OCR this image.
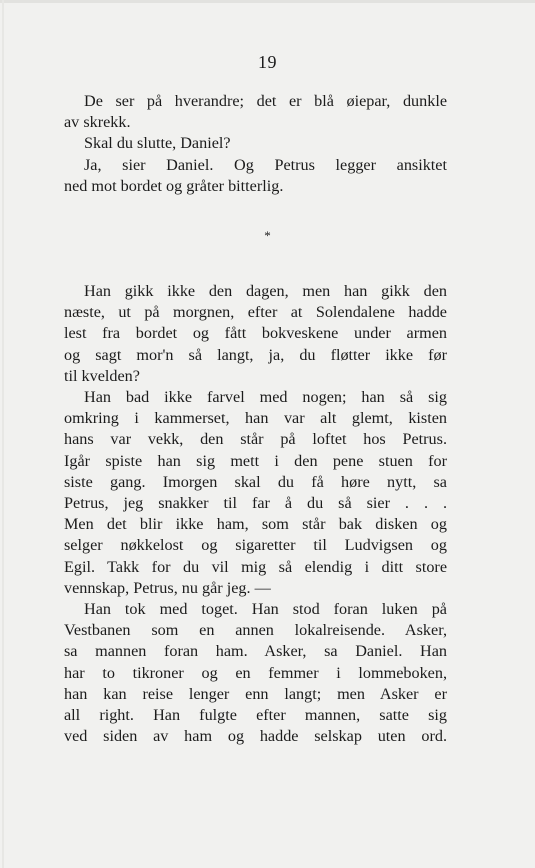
19
De ser på hverandre; det er blå øiepar, dunkle
av skrekk.
Skal du slutte, Daniel?
Ja, sier Daniel. Og Petrus legger ansiktet
ned mot bordet og gråter bitterlig.
*
Han gikk ikke den dagen, men han gikk den
næste, ut på morgnen, efter at Solendalene hadde
lest fra bordet og fått bokveskene under armen
og sagt mor'n så langt, ja, du fløtter ikke før
til kvelden?
Han bad ikke farvel med nogen; han så sig
omkring i kammerset, han var alt glemt, kisten
hans var vekk, den står på loftet hos Petrus.
Igår spiste han sig mett i den pene stuen for
siste gang. Imorgen skal du få høre nytt, sa
Petrus, jeg snakker til far å du så sier . . .
Men det blir ikke ham, som står bak disken og
selger nøkkelost og sigaretter til Ludvigsen og
Egil. Takk for du vil mig så elendig i ditt store
vennskap, Petrus, nu går jeg. —
Han tok med toget. Han stod foran luken på
Vestbanen som en annen lokalreisende. Asker,
sa mannen foran ham. Asker, sa Daniel. Han
har to tikroner og en femmer i lommeboken,
han kan reise lenger enn langt; men Asker er
all right. Han fulgte efter mannen, satte sig
ved siden av ham og hadde selskap uten ord.
